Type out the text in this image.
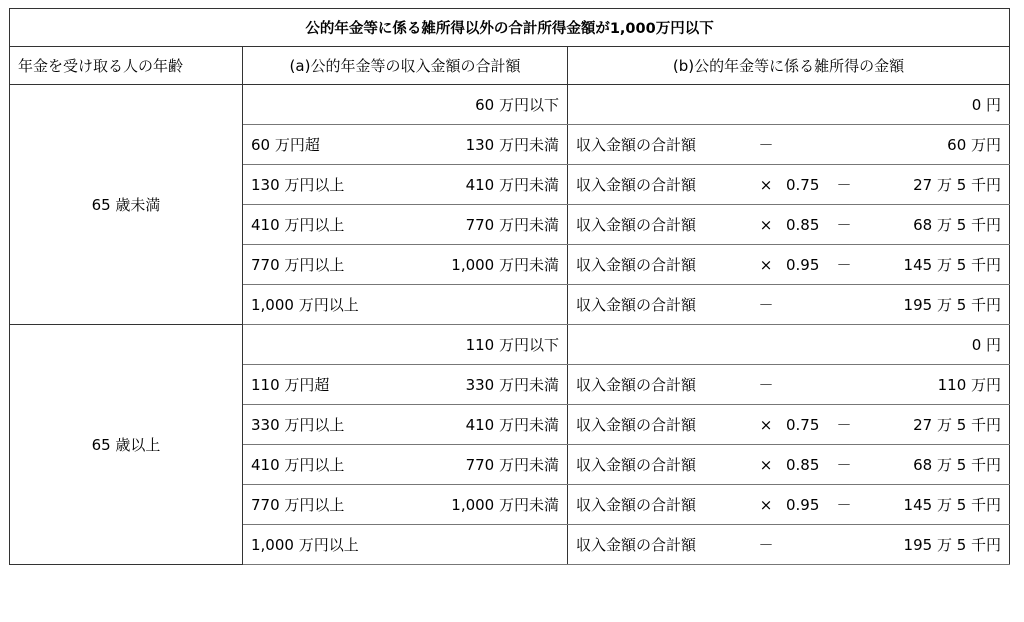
公的年金等に係る雑所得以外の合計所得金額が1,000万円以下		
年金を受け取る人の年齢	(a)公的年金等の収入金額の合計額	(b)公的年金等に係る雑所得の金額
65 歳未満	60 万円以下	0 円

	60 万円超 130 万円未満	収入金額の合計額 － 60 万円

	130 万円以上 410 万円未満	収入金額の合計額 × 0.75 － 27 万 5 千円

	410 万円以上 770 万円未満	収入金額の合計額 × 0.85 － 68 万 5 千円

	770 万円以上 1,000 万円未満	収入金額の合計額 × 0.95 － 145 万 5 千円

	1,000 万円以上	収入金額の合計額 － 195 万 5 千円

65 歳以上	110 万円以下	0 円

	110 万円超 330 万円未満	収入金額の合計額 － 110 万円

	330 万円以上 410 万円未満	収入金額の合計額 × 0.75 － 27 万 5 千円

	410 万円以上 770 万円未満	収入金額の合計額 × 0.85 － 68 万 5 千円

	770 万円以上 1,000 万円未満	収入金額の合計額 × 0.95 － 145 万 5 千円

	1,000 万円以上	収入金額の合計額 － 195 万 5 千円
